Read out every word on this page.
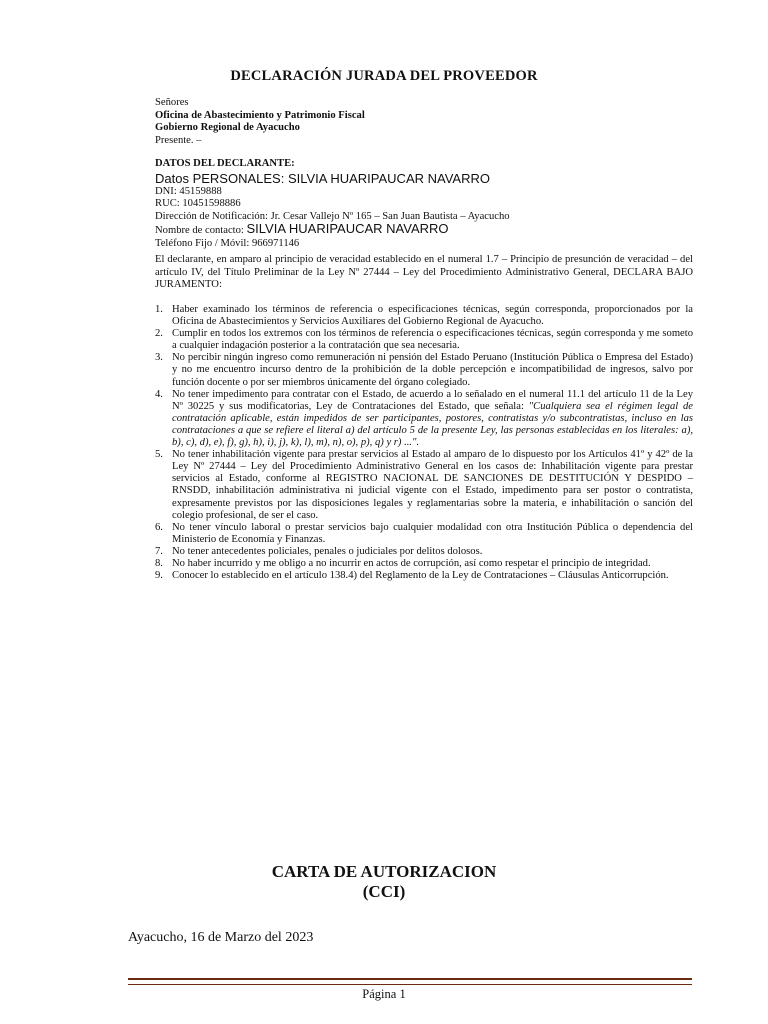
DECLARACIÓN JURADA DEL PROVEEDOR
Señores
Oficina de Abastecimiento y Patrimonio Fiscal
Gobierno Regional de Ayacucho
Presente. –
DATOS DEL DECLARANTE:
Datos PERSONALES: SILVIA HUARIPAUCAR NAVARRO
DNI: 45159888
RUC: 10451598886
Dirección de Notificación: Jr. Cesar Vallejo Nº 165 – San Juan Bautista – Ayacucho
Nombre de contacto: SILVIA HUARIPAUCAR NAVARRO
Teléfono Fijo / Móvil: 966971146
El declarante, en amparo al principio de veracidad establecido en el numeral 1.7 – Principio de presunción de veracidad – del artículo IV, del Título Preliminar de la Ley Nº 27444 – Ley del Procedimiento Administrativo General, DECLARA BAJO JURAMENTO:
1. Haber examinado los términos de referencia o especificaciones técnicas, según corresponda, proporcionados por la Oficina de Abastecimientos y Servicios Auxiliares del Gobierno Regional de Ayacucho.
2. Cumplir en todos los extremos con los términos de referencia o especificaciones técnicas, según corresponda y me someto a cualquier indagación posterior a la contratación que sea necesaria.
3. No percibir ningún ingreso como remuneración ni pensión del Estado Peruano (Institución Pública o Empresa del Estado) y no me encuentro incurso dentro de la prohibición de la doble percepción e incompatibilidad de ingresos, salvo por función docente o por ser miembros únicamente del órgano colegiado.
4. No tener impedimento para contratar con el Estado, de acuerdo a lo señalado en el numeral 11.1 del artículo 11 de la Ley Nº 30225 y sus modificatorias, Ley de Contrataciones del Estado, que señala: "Cualquiera sea el régimen legal de contratación aplicable, están impedidos de ser participantes, postores, contratistas y/o subcontratistas, incluso en las contrataciones a que se refiere el literal a) del artículo 5 de la presente Ley, las personas establecidas en los literales: a), b), c), d), e), f), g), h), i), j), k), l), m), n), o), p), q) y r) ...".
5. No tener inhabilitación vigente para prestar servicios al Estado al amparo de lo dispuesto por los Artículos 41º y 42º de la Ley Nº 27444 – Ley del Procedimiento Administrativo General en los casos de: Inhabilitación vigente para prestar servicios al Estado, conforme al REGISTRO NACIONAL DE SANCIONES DE DESTITUCIÓN Y DESPIDO – RNSDD, inhabilitación administrativa ni judicial vigente con el Estado, impedimento para ser postor o contratista, expresamente previstos por las disposiciones legales y reglamentarias sobre la materia, e inhabilitación o sanción del colegio profesional, de ser el caso.
6. No tener vínculo laboral o prestar servicios bajo cualquier modalidad con otra Institución Pública o dependencia del Ministerio de Economía y Finanzas.
7. No tener antecedentes policiales, penales o judiciales por delitos dolosos.
8. No haber incurrido y me obligo a no incurrir en actos de corrupción, así como respetar el principio de integridad.
9. Conocer lo establecido en el artículo 138.4) del Reglamento de la Ley de Contrataciones – Cláusulas Anticorrupción.
CARTA DE AUTORIZACION
(CCI)
Ayacucho, 16 de Marzo del 2023
Página 1
